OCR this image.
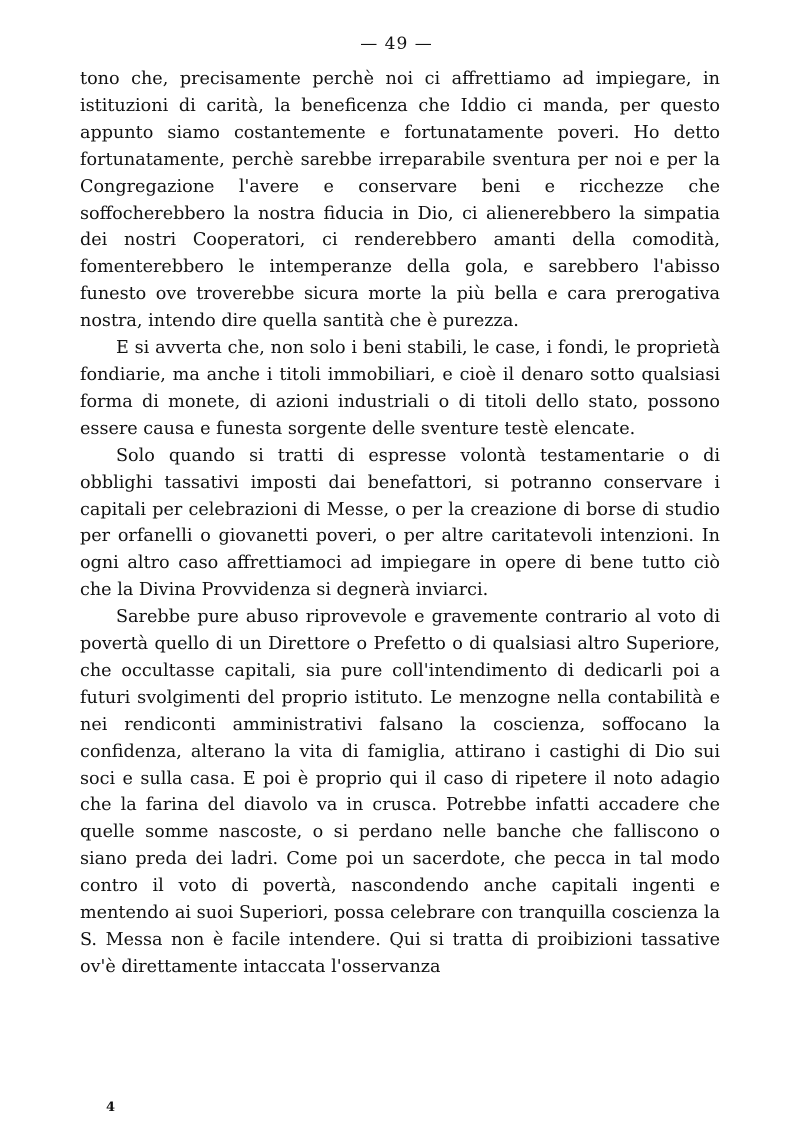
— 49 —

tono che, precisamente perchè noi ci affrettiamo ad impiegare, in istituzioni di carità, la beneficenza che Iddio ci manda, per questo appunto siamo costantemente e fortunatamente poveri. Ho detto fortunatamente, perchè sarebbe irreparabile sventura per noi e per la Congregazione l'avere e conservare beni e ricchezze che soffocherebbero la nostra fiducia in Dio, ci alienerebbero la simpatia dei nostri Cooperatori, ci renderebbero amanti della comodità, fomenterebbero le intemperanze della gola, e sarebbero l'abisso funesto ove troverebbe sicura morte la più bella e cara prerogativa nostra, intendo dire quella santità che è purezza.

E si avverta che, non solo i beni stabili, le case, i fondi, le proprietà fondiarie, ma anche i titoli immobiliari, e cioè il denaro sotto qualsiasi forma di monete, di azioni industriali o di titoli dello stato, possono essere causa e funesta sorgente delle sventure testè elencate.

Solo quando si tratti di espresse volontà testamentarie o di obblighi tassativi imposti dai benefattori, si potranno conservare i capitali per celebrazioni di Messe, o per la creazione di borse di studio per orfanelli o giovanetti poveri, o per altre caritatevoli intenzioni. In ogni altro caso affrettiamoci ad impiegare in opere di bene tutto ciò che la Divina Provvidenza si degnerà inviarci.

Sarebbe pure abuso riprovevole e gravemente contrario al voto di povertà quello di un Direttore o Prefetto o di qualsiasi altro Superiore, che occultasse capitali, sia pure coll'intendimento di dedicarli poi a futuri svolgimenti del proprio istituto. Le menzogne nella contabilità e nei rendiconti amministrativi falsano la coscienza, soffocano la confidenza, alterano la vita di famiglia, attirano i castighi di Dio sui soci e sulla casa. E poi è proprio qui il caso di ripetere il noto adagio che la farina del diavolo va in crusca. Potrebbe infatti accadere che quelle somme nascoste, o si perdano nelle banche che falliscono o siano preda dei ladri. Come poi un sacerdote, che pecca in tal modo contro il voto di povertà, nascondendo anche capitali ingenti e mentendo ai suoi Superiori, possa celebrare con tranquilla coscienza la S. Messa non è facile intendere. Qui si tratta di proibizioni tassative ov'è direttamente intaccata l'osservanza

4
